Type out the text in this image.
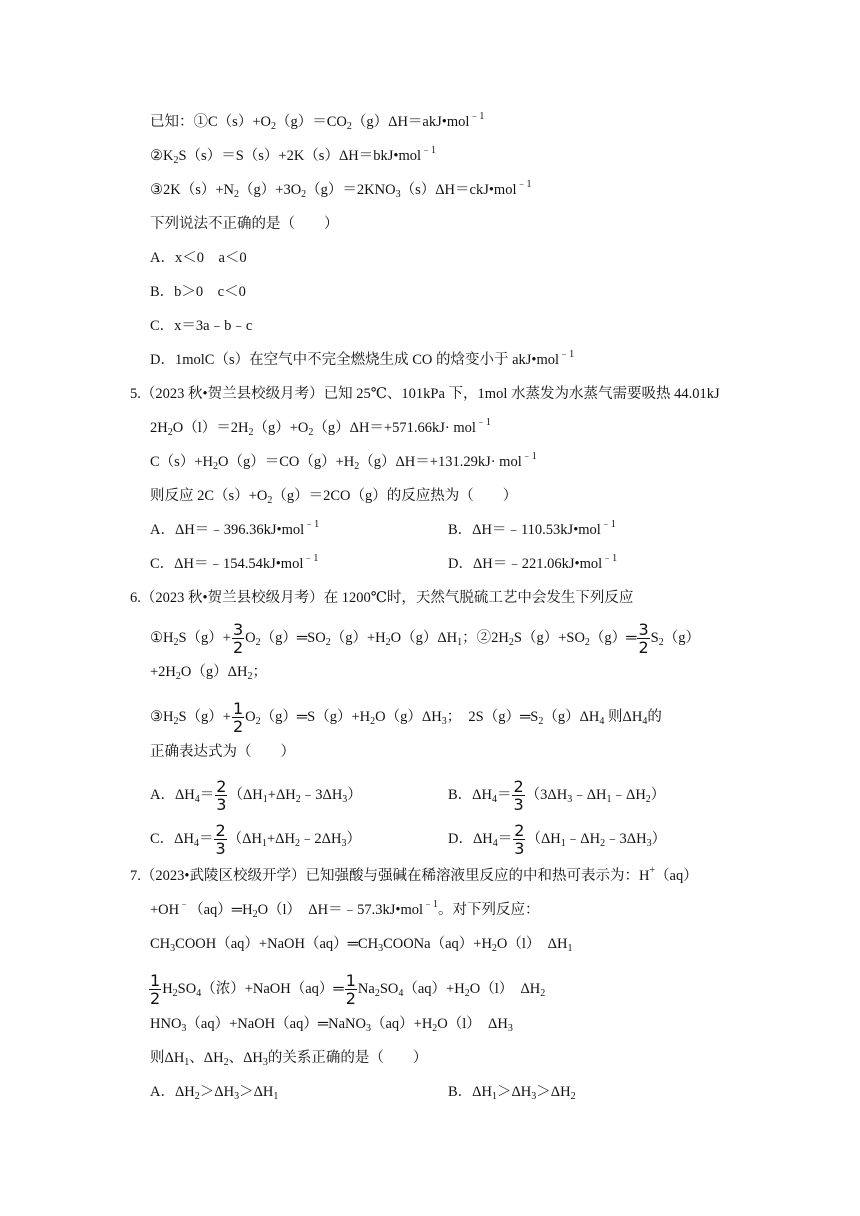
已知：$①C(s)+O_2(g)=CO_2(g)\Delta H=akJ•mol^{﹣1}$
$②K_2S(s)=S(s)+2K(s)\Delta H=bkJ•mol^{﹣1}$
$③2K(s)+N_2(g)+3O_2(g)=2KNO_3(s)\Delta H=ckJ•mol^{﹣1}$
下列说法不正确的是（　　）
A．x＜0　a＜0
B．b＞0　c＜0
C．x＝3a﹣b﹣c
D．1molC（s）在空气中不完全燃烧生成 CO 的焓变小于 akJ•mol$^{﹣1}$
5.（2023 秋•贺兰县校级月考）已知 25℃、101kPa 下，1mol 水蒸发为水蒸气需要吸热 44.01kJ
$2H_2O(l)=2H_2(g)+O_2(g)\Delta H=+571.66kJ\cdot mol^{﹣1}$
$C(s)+H_2O(g)=CO(g)+H_2(g)\Delta H=+131.29kJ\cdot mol^{﹣1}$
则反应 $2C(s)+O_2(g)=2CO(g)$的反应热为（　　）
A．ΔH＝﹣396.36kJ•mol$^{﹣1}$	B．ΔH＝﹣110.53kJ•mol$^{﹣1}$
C．ΔH＝﹣154.54kJ•mol$^{﹣1}$	D．ΔH＝﹣221.06kJ•mol$^{﹣1}$
6.（2023 秋•贺兰县校级月考）在 1200℃时，天然气脱硫工艺中会发生下列反应
$①H_2S(g)+ \frac{3}{2}$ $O_2(g)═SO_2(g)+H_2O(g)\Delta H_1$；$②2H_2S(g)+SO_2(g)═ \frac{3}{2} S_2(g)$
$+2H_2O(g)\Delta H_2$；
$③H_2S(g)+ \frac{1}{2}$ $O_2(g)═S(g)+H_2O(g)\Delta H_3$；　$2S(g)═S_2(g)\Delta H_4$ 则$\Delta H_4$的
正确表达式为（　　）
A．$\Delta H_4= \frac{2}{3}$ $(\Delta H_1+\Delta H_2﹣3\Delta H_3)$	B．$\Delta H_4= \frac{2}{3}$ $(3\Delta H_3﹣\Delta H_1﹣\Delta H_2)$
C．$\Delta H_4= \frac{2}{3}$ $(\Delta H_1+\Delta H_2﹣2\Delta H_3)$	D．$\Delta H_4= \frac{2}{3}$ $(\Delta H_1﹣\Delta H_2﹣3\Delta H_3)$
7.（2023•武陵区校级开学）已知强酸与强碱在稀溶液里反应的中和热可表示为：H+（aq）
$+OH^﹣(aq)═H_2O(l)$　ΔH＝﹣57.3kJ•mol$^{﹣1}$。对下列反应：
$CH_3COOH(aq)+NaOH(aq)═CH_3COONa(aq)+H_2O(l)$　$\Delta H_1$
$\frac{1}{2} H_2SO_4$（浓）+NaOH（aq）═ $\frac{1}{2} Na_2SO_4(aq)+H_2O(l)$　$\Delta H_2$
$HNO_3(aq)+NaOH(aq)═NaNO_3(aq)+H_2O(l)$　$\Delta H_3$
则$\Delta H_1$、$\Delta H_2$、$\Delta H_3$的关系正确的是（　　）
A．$\Delta H_2>\Delta H_3>\Delta H_1$	B．$\Delta H_1>\Delta H_3>\Delta H_2$
